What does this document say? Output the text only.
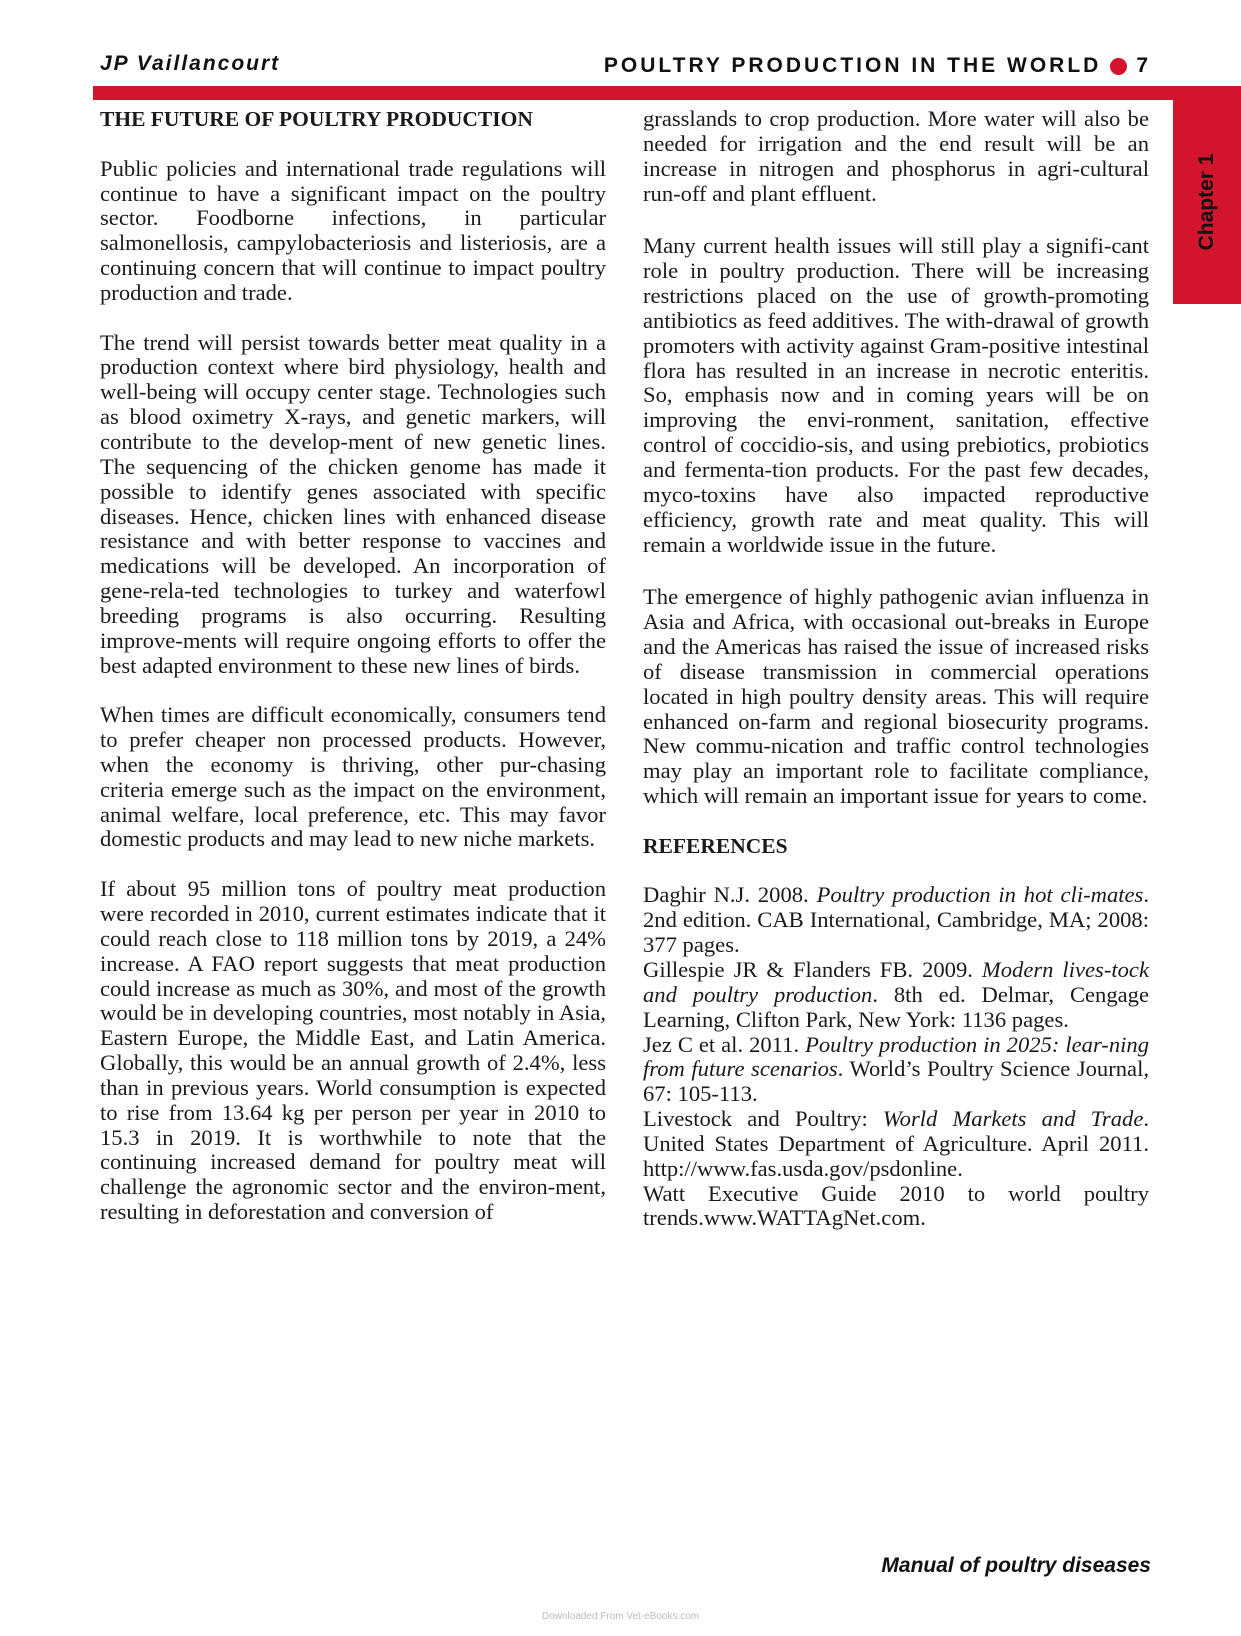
JP Vaillancourt	POULTRY PRODUCTION IN THE WORLD 7
Chapter 1
THE FUTURE OF POULTRY PRODUCTION

Public policies and international trade regulations will continue to have a significant impact on the poultry sector. Foodborne infections, in particular salmonellosis, campylobacteriosis and listeriosis, are a continuing concern that will continue to impact poultry production and trade.

The trend will persist towards better meat quality in a production context where bird physiology, health and well-being will occupy center stage. Technologies such as blood oximetry X-rays, and genetic markers, will contribute to the develop-ment of new genetic lines. The sequencing of the chicken genome has made it possible to identify genes associated with specific diseases. Hence, chicken lines with enhanced disease resistance and with better response to vaccines and medications will be developed. An incorporation of gene-rela-ted technologies to turkey and waterfowl breeding programs is also occurring. Resulting improve-ments will require ongoing efforts to offer the best adapted environment to these new lines of birds.

When times are difficult economically, consumers tend to prefer cheaper non processed products. However, when the economy is thriving, other pur-chasing criteria emerge such as the impact on the environment, animal welfare, local preference, etc. This may favor domestic products and may lead to new niche markets.

If about 95 million tons of poultry meat production were recorded in 2010, current estimates indicate that it could reach close to 118 million tons by 2019, a 24% increase. A FAO report suggests that meat production could increase as much as 30%, and most of the growth would be in developing countries, most notably in Asia, Eastern Europe, the Middle East, and Latin America. Globally, this would be an annual growth of 2.4%, less than in previous years. World consumption is expected to rise from 13.64 kg per person per year in 2010 to 15.3 in 2019. It is worthwhile to note that the continuing increased demand for poultry meat will challenge the agronomic sector and the environ-ment, resulting in deforestation and conversion of

grasslands to crop production. More water will also be needed for irrigation and the end result will be an increase in nitrogen and phosphorus in agri-cultural run-off and plant effluent.

Many current health issues will still play a signifi-cant role in poultry production. There will be increasing restrictions placed on the use of growth-promoting antibiotics as feed additives. The with-drawal of growth promoters with activity against Gram-positive intestinal flora has resulted in an increase in necrotic enteritis. So, emphasis now and in coming years will be on improving the envi-ronment, sanitation, effective control of coccidio-sis, and using prebiotics, probiotics and fermenta-tion products. For the past few decades, myco-toxins have also impacted reproductive efficiency, growth rate and meat quality. This will remain a worldwide issue in the future.

The emergence of highly pathogenic avian influenza in Asia and Africa, with occasional out-breaks in Europe and the Americas has raised the issue of increased risks of disease transmission in commercial operations located in high poultry density areas. This will require enhanced on-farm and regional biosecurity programs. New commu-nication and traffic control technologies may play an important role to facilitate compliance, which will remain an important issue for years to come.

REFERENCES

Daghir N.J. 2008. Poultry production in hot cli-mates. 2nd edition. CAB International, Cambridge, MA; 2008: 377 pages.

Gillespie JR & Flanders FB. 2009. Modern lives-tock and poultry production. 8th ed. Delmar, Cengage Learning, Clifton Park, New York: 1136 pages.

Jez C et al. 2011. Poultry production in 2025: lear-ning from future scenarios. World’s Poultry Science Journal, 67: 105-113.

Livestock and Poultry: World Markets and Trade. United States Department of Agriculture. April 2011. http://www.fas.usda.gov/psdonline.

Watt Executive Guide 2010 to world poultry trends.www.WATTAgNet.com.

Manual of poultry diseases
Downloaded From Vet-eBooks.com
